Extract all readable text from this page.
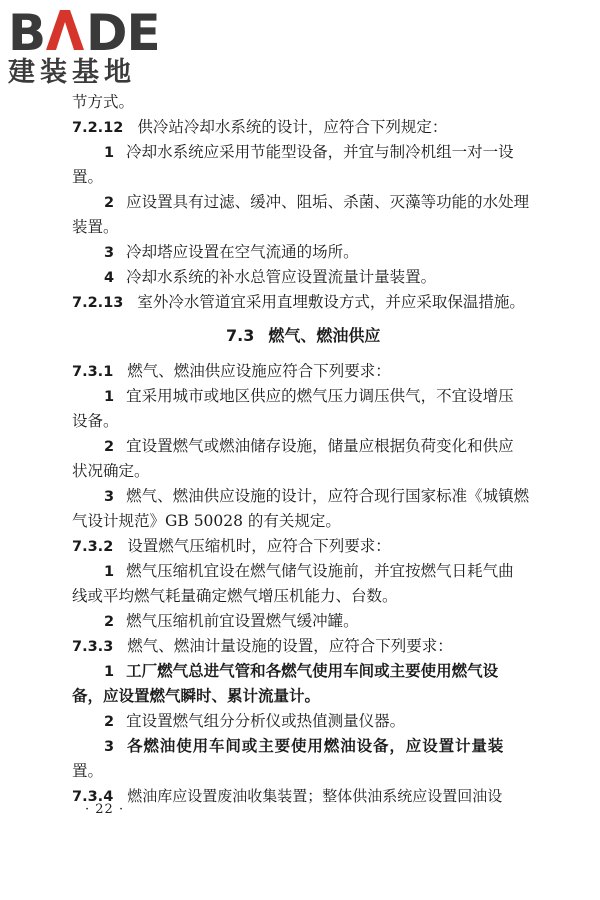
B DE
建装基地
节方式。
7.2.12 供冷站冷却水系统的设计，应符合下列规定：
1 冷却水系统应采用节能型设备，并宜与制冷机组一对一设
置。
2 应设置具有过滤、缓冲、阻垢、杀菌、灭藻等功能的水处理
装置。
3 冷却塔应设置在空气流通的场所。
4 冷却水系统的补水总管应设置流量计量装置。
7.2.13 室外冷水管道宜采用直埋敷设方式，并应采取保温措施。
7.3 燃气、燃油供应
7.3.1 燃气、燃油供应设施应符合下列要求：
1 宜采用城市或地区供应的燃气压力调压供气，不宜设增压
设备。
2 宜设置燃气或燃油储存设施，储量应根据负荷变化和供应
状况确定。
3 燃气、燃油供应设施的设计，应符合现行国家标准《城镇燃
气设计规范》GB 50028 的有关规定。
7.3.2 设置燃气压缩机时，应符合下列要求：
1 燃气压缩机宜设在燃气储气设施前，并宜按燃气日耗气曲
线或平均燃气耗量确定燃气增压机能力、台数。
2 燃气压缩机前宜设置燃气缓冲罐。
7.3.3 燃气、燃油计量设施的设置，应符合下列要求：
1 工厂燃气总进气管和各燃气使用车间或主要使用燃气设
备，应设置燃气瞬时、累计流量计。
2 宜设置燃气组分分析仪或热值测量仪器。
3 各燃油使用车间或主要使用燃油设备，应设置计量装
置。
7.3.4 燃油库应设置废油收集装置；整体供油系统应设置回油设
· 22 ·
